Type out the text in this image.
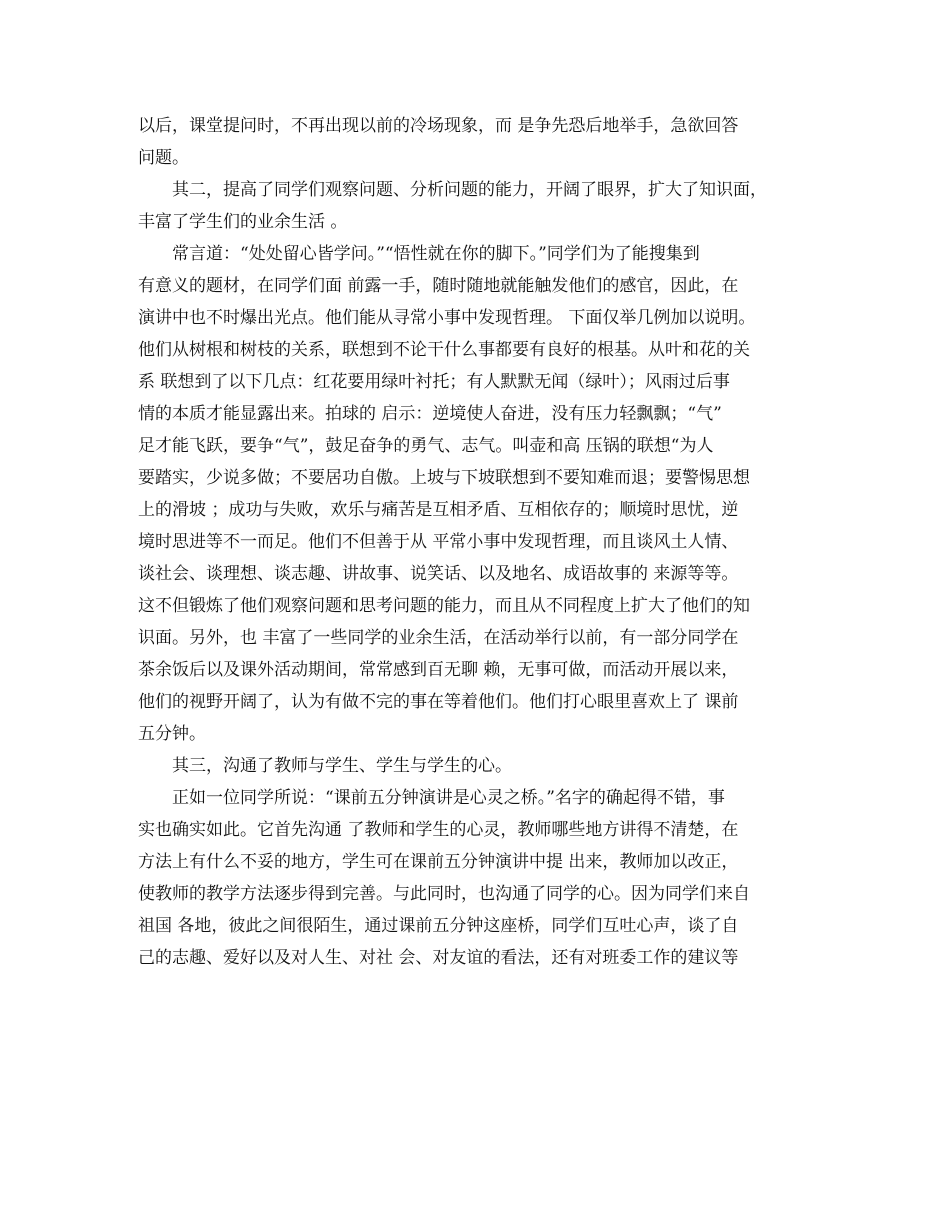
以后，课堂提问时，不再出现以前的冷场现象，而 是争先恐后地举手，急欲回答
问题。
　　其二，提高了同学们观察问题、分析问题的能力，开阔了眼界，扩大了知识面，
丰富了学生们的业余生活 。
　　常言道：“处处留心皆学问。”“悟性就在你的脚下。”同学们为了能搜集到
有意义的题材，在同学们面 前露一手，随时随地就能触发他们的感官，因此，在
演讲中也不时爆出光点。他们能从寻常小事中发现哲理。 下面仅举几例加以说明。
他们从树根和树枝的关系，联想到不论干什么事都要有良好的根基。从叶和花的关
系 联想到了以下几点：红花要用绿叶衬托；有人默默无闻（绿叶）；风雨过后事
情的本质才能显露出来。拍球的 启示：逆境使人奋进，没有压力轻飘飘；“气”
足才能飞跃，要争“气”，鼓足奋争的勇气、志气。叫壶和高 压锅的联想“为人
要踏实，少说多做；不要居功自傲。上坡与下坡联想到不要知难而退；要警惕思想
上的滑坡 ；成功与失败，欢乐与痛苦是互相矛盾、互相依存的；顺境时思忧，逆
境时思进等不一而足。他们不但善于从 平常小事中发现哲理，而且谈风土人情、
谈社会、谈理想、谈志趣、讲故事、说笑话、以及地名、成语故事的 来源等等。
这不但锻炼了他们观察问题和思考问题的能力，而且从不同程度上扩大了他们的知
识面。另外，也 丰富了一些同学的业余生活，在活动举行以前，有一部分同学在
茶余饭后以及课外活动期间，常常感到百无聊 赖，无事可做，而活动开展以来，
他们的视野开阔了，认为有做不完的事在等着他们。他们打心眼里喜欢上了 课前
五分钟。
　　其三，沟通了教师与学生、学生与学生的心。
　　正如一位同学所说：“课前五分钟演讲是心灵之桥。”名字的确起得不错，事
实也确实如此。它首先沟通 了教师和学生的心灵，教师哪些地方讲得不清楚，在
方法上有什么不妥的地方，学生可在课前五分钟演讲中提 出来，教师加以改正，
使教师的教学方法逐步得到完善。与此同时，也沟通了同学的心。因为同学们来自
祖国 各地，彼此之间很陌生，通过课前五分钟这座桥，同学们互吐心声，谈了自
己的志趣、爱好以及对人生、对社 会、对友谊的看法，还有对班委工作的建议等
